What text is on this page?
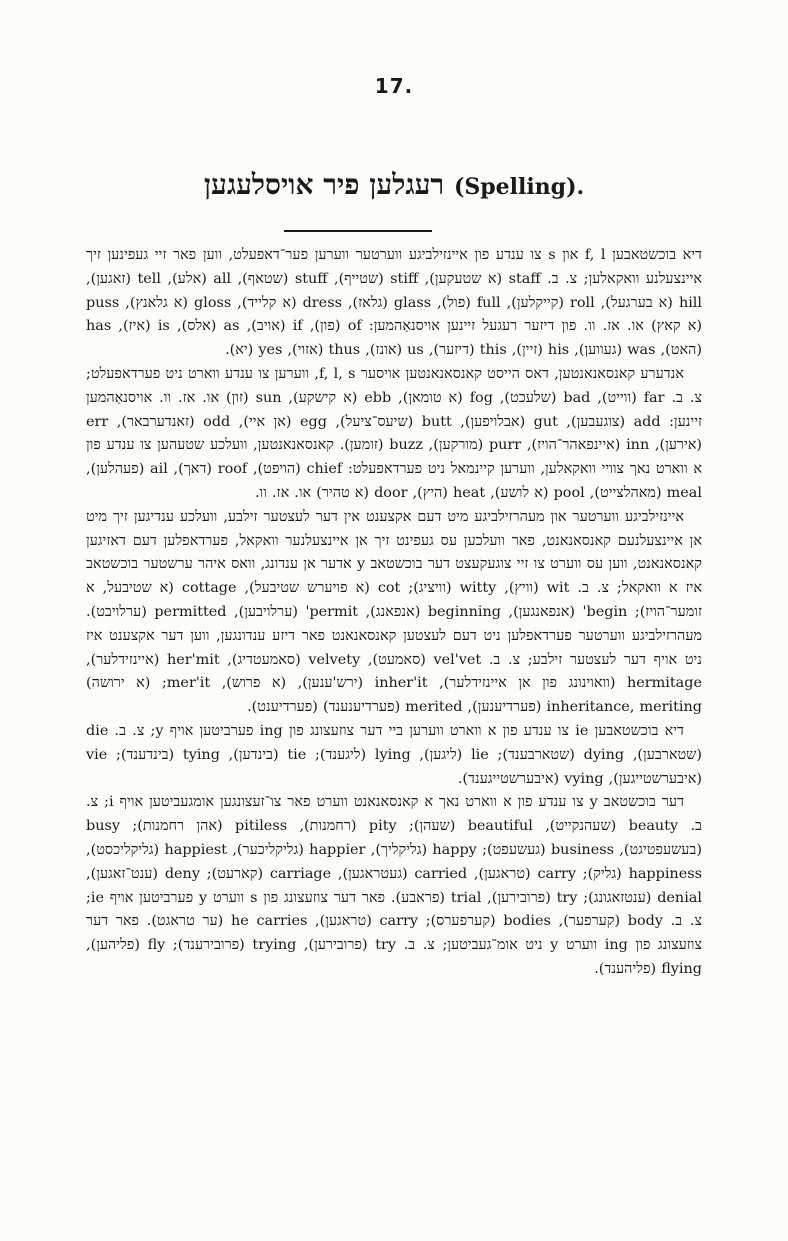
17.
רעגלען פיר אויסלעגען (Spelling).

דיא בוכשטאבען f, l און s צו ענדע פון איינזילביגע ווערטער ווערען פער־דאפעלט, ווען פאר זיי געפינען זיך איינצעלנע וואקאלען; צ. ב. staff (א שטעקען), stiff (שטייף), stuff (שטאף), all (אלע), tell (זאגען), hill (א בערגעל), roll (קייקלען), full (פול), glass (גלאז), dress (א קלייד), gloss (א גלאנץ), puss (א קאץ) או. אז. וו. פון דיזער רעגעל זיינען אויסנאַהמען: of (פון), if (אויב), as (אלס), is (איז), has (האט), was (געווען), his (זיין), this (דיזער), us (אונז), thus (אזוי), yes (יא).

אנדערע קאנסאנאנטען, דאס הייסט קאנסאנאנטען אויסער f, l, s, ווערען צו ענדע ווארט ניט פערדאפעלט; צ. ב. far (ווייט), bad (שלעכט), fog (א טומאן), ebb (א קישקע), sun (זון) או. אז. וו. אויסנאַהמען זיינען: add (צוגעבען), gut (אבלויפען), butt (שיעס־ציעל), egg (אן איי), odd (זאנדערבאר), err (אירען), inn (איינפאהר־הויז), purr (מורקען), buzz (זומען). קאנסאנאנטען, וועלכע שטעהען צו ענדע פון א ווארט נאך צוויי וואקאלען, ווערען קיינמאל ניט פערדאפעלט: chief (הויפט), roof (דאך), ail (פעהלען), meal (מאהלצייט), pool (א לושע), heat (היץ), door (א טהיר) או. אז. וו.

איינזילביגע ווערטער און מעהרזילביגע מיט דעם אקצענט אין דער לעצטער זילבע, וועלכע ענדיגען זיך מיט אן איינצעלנעם קאנסאנאנט, פאר וועלכען עס געפינט זיך אן איינצעלנער וואקאל, פערדאפלען דעם דאזיגען קאנסאנאנט, ווען עס ווערט צו זיי צוגעקעצט דער בוכשטאב y אדער אן ענדונג, וואס איהר ערשטער בוכשטאב איז א וואקאל; צ. ב. wit (וויץ), witty (וויציג); cot (א פויערש שטיבעל), cottage (א שטיבעל, א זומער־הויז); begin' (אנפאנגען), beginning (אנפאנג), permit' (ערלויבען), permitted (ערלויבט). מעהרזילביגע ווערטער פערדאפלען ניט דעם לעצטען קאנסאנאנט פאר דיזע ענדונגען, ווען דער אקצענט איז ניט אויף דער לעצטער זילבע; צ. ב. vel'vet (סאמעט), velvety (סאמעטדיג), her'mit (איינזידלער), hermitage (וואוינונג פון אן איינזידלער), inher'it (ירש'ענען), (א פרוש), mer'it; (א ירושה) inheritance, meriting (פערדיענען), merited (פערדיענענד) (פערדיענט).

דיא בוכשטאבען ie צו ענדע פון א ווארט ווערען ביי דער צוזעצונג פון ing פערביטען אויף y; צ. ב. die (שטארבען), dying (שטארבענד); lie (ליגען), lying (ליגענד); tie (בינדען), tying (בינדענד); vie (איבערשטייגען), vying (איבערשטייגענד).

דער בוכשטאב y צו ענדע פון א ווארט נאך א קאנסאנאנט ווערט פאר צו־זעצונגען אומגעביטען אויף i; צ. ב. beauty (שעהנקייט), beautiful (שעהן); pity (רחמנות), pitiless (אהן רחמנות); busy (בעשעפטיגט), business (געשעפט); happy (גליקליך), happier (גליקליכער), happiest (גליקליכסט), happiness (גליק); carry (טראגען), carried (געטראגען), carriage (קארעט); deny (ענט־זאגען), denial (ענטזאגונג); try (פרובירען), trial (פראבע). פאר דער צוזעצונג פון s ווערט y פערביטען אויף ie; צ. ב. body (קערפער), bodies (קערפערס); carry (טראגען), he carries (ער טראגט). פאר דער צוזעצונג פון ing ווערט y ניט אומ־געביטען; צ. ב. try (פרובירען), trying (פרובירענד); fly (פליהען), flying (פליהענד).
